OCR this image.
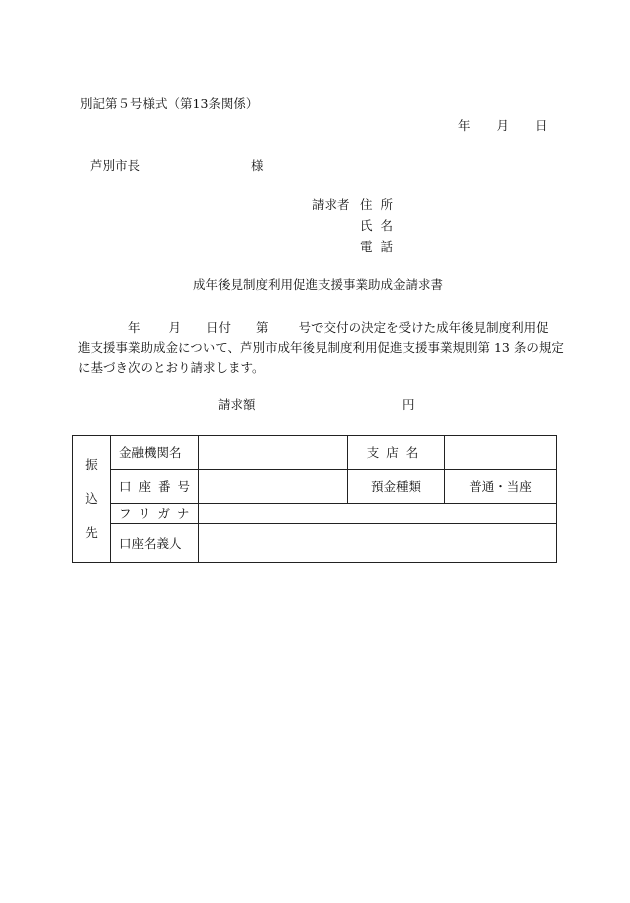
別記第５号様式（第13条関係）
年 月 日
芦別市長	様
請求者 住所
氏名
電話
成年後見制度利用促進支援事業助成金請求書
年 月 日付 第 号で交付の決定を受けた成年後見制度利用促
進支援事業助成金について、芦別市成年後見制度利用促進支援事業規則第 13 条の規定
に基づき次のとおり請求します。
請求額	円
振
込
先	金融機関名		支店名	
	口座番号		預金種類	普通・当座
	フリガナ			
	口座名義人			
